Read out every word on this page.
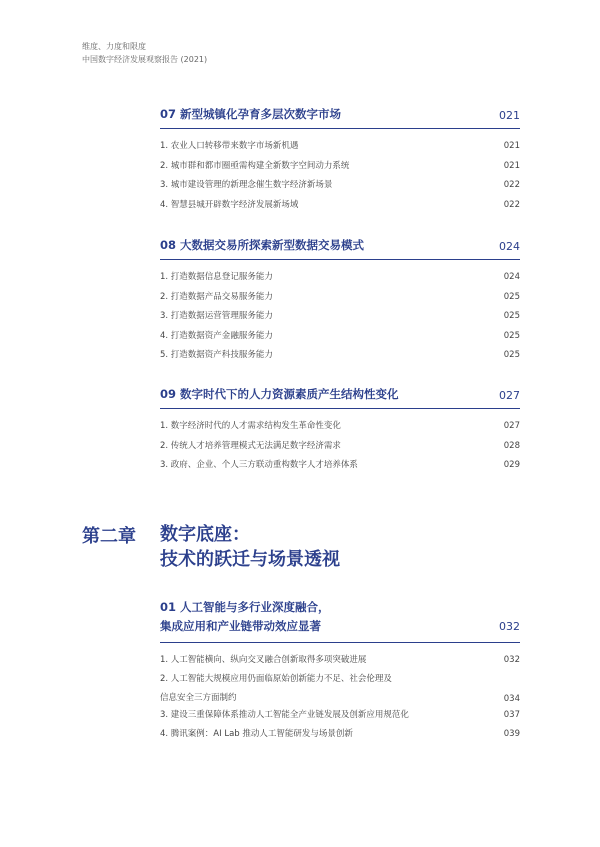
维度、力度和限度
中国数字经济发展观察报告 (2021)
07 新型城镇化孕育多层次数字市场	021
1. 农业人口转移带来数字市场新机遇	021
2. 城市群和都市圈亟需构建全新数字空间动力系统	021
3. 城市建设管理的新理念催生数字经济新场景	022
4. 智慧县城开辟数字经济发展新场域	022
08 大数据交易所探索新型数据交易模式	024
1. 打造数据信息登记服务能力	024
2. 打造数据产品交易服务能力	025
3. 打造数据运营管理服务能力	025
4. 打造数据资产金融服务能力	025
5. 打造数据资产科技服务能力	025
09 数字时代下的人力资源素质产生结构性变化	027
1. 数字经济时代的人才需求结构发生革命性变化	027
2. 传统人才培养管理模式无法满足数字经济需求	028
3. 政府、企业、个人三方联动重构数字人才培养体系	029
第二章 数字底座：
技术的跃迁与场景透视
01 人工智能与多行业深度融合，
集成应用和产业链带动效应显著	032
1. 人工智能横向、纵向交叉融合创新取得多项突破进展	032
2. 人工智能大规模应用仍面临原始创新能力不足、社会伦理及
信息安全三方面制约	034
3. 建设三重保障体系推动人工智能全产业链发展及创新应用规范化	037
4. 腾讯案例：AI Lab 推动人工智能研发与场景创新	039
